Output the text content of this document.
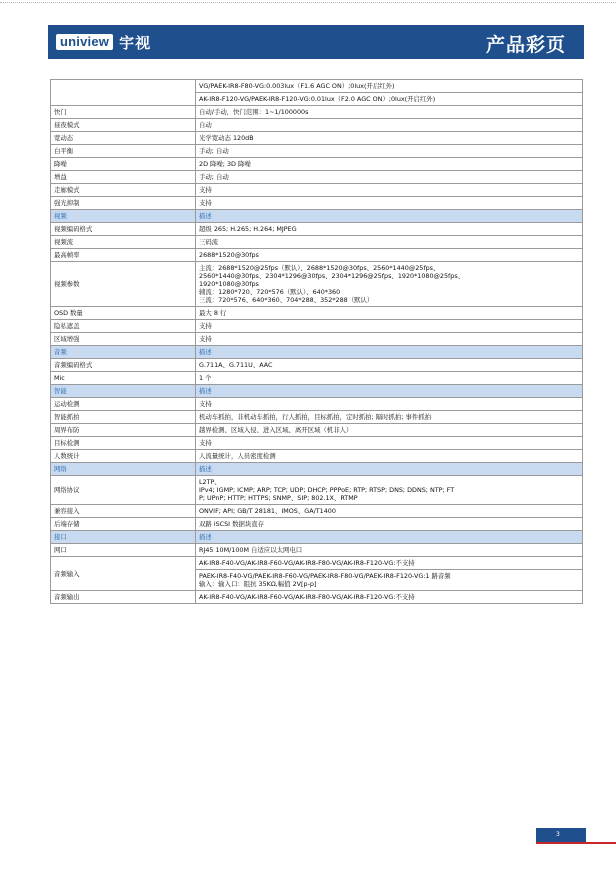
uniview 宇视	产品彩页

	VG/PAEK-IR8-F80-VG:0.003lux（F1.6 AGC ON）;0lux(开启红外)

	AK-IR8-F120-VG/PAEK-IR8-F120-VG:0.01lux（F2.0 AGC ON）;0lux(开启红外)

快门	自动/手动，快门范围：1~1/100000s

昼夜模式	自动

宽动态	光学宽动态 120dB

白平衡	手动; 自动

降噪	2D 降噪; 3D 降噪

增益	手动; 自动

走廊模式	支持

强光抑制	支持

视频	描述

视频编码格式	超级 265; H.265; H.264; MJPEG

视频流	三码流

最高帧率	2688*1520@30fps

视频参数	主流：2688*1520@25fps（默认）、2688*1520@30fps、2560*1440@25fps、
2560*1440@30fps、2304*1296@30fps、2304*1296@25fps、1920*1080@25fps、
1920*1080@30fps
辅流：1280*720、720*576（默认）、640*360
三流：720*576、640*360、704*288、352*288（默认）

OSD 数量	最大 8 行

隐私遮盖	支持

区域增强	支持

音频	描述

音频编码格式	G.711A、G.711U、AAC

Mic	1 个

智能	描述

运动检测	支持

智能抓拍	机动车抓拍，非机动车抓拍，行人抓拍，目标抓拍，定时抓拍; 隔时抓拍; 事件抓拍

周界布防	越界检测、区域入侵、进入区域、离开区域（机非人）

目标检测	支持

人数统计	人流量统计，人员密度检测

网络	描述

网络协议	L2TP、
IPv4; IGMP; ICMP; ARP; TCP; UDP; DHCP; PPPoE; RTP; RTSP; DNS; DDNS; NTP; FT
P; UPnP; HTTP; HTTPS; SNMP、SIP; 802.1X、RTMP

兼容接入	ONVIF; API; GB/T 28181、IMOS、GA/T1400

后端存储	双路 iSCSI 数据块直存

接口	描述

网口	RJ45 10M/100M 自适应以太网电口

音频输入	AK-IR8-F40-VG/AK-IR8-F60-VG/AK-IR8-F80-VG/AK-IR8-F120-VG:不支持

	PAEK-IR8-F40-VG/PAEK-IR8-F60-VG/PAEK-IR8-F80-VG/PAEK-IR8-F120-VG:1 路音频
输入：输入口：阻抗 35KΩ,幅值 2V[p-p]

音频输出	AK-IR8-F40-VG/AK-IR8-F60-VG/AK-IR8-F80-VG/AK-IR8-F120-VG:不支持
3
